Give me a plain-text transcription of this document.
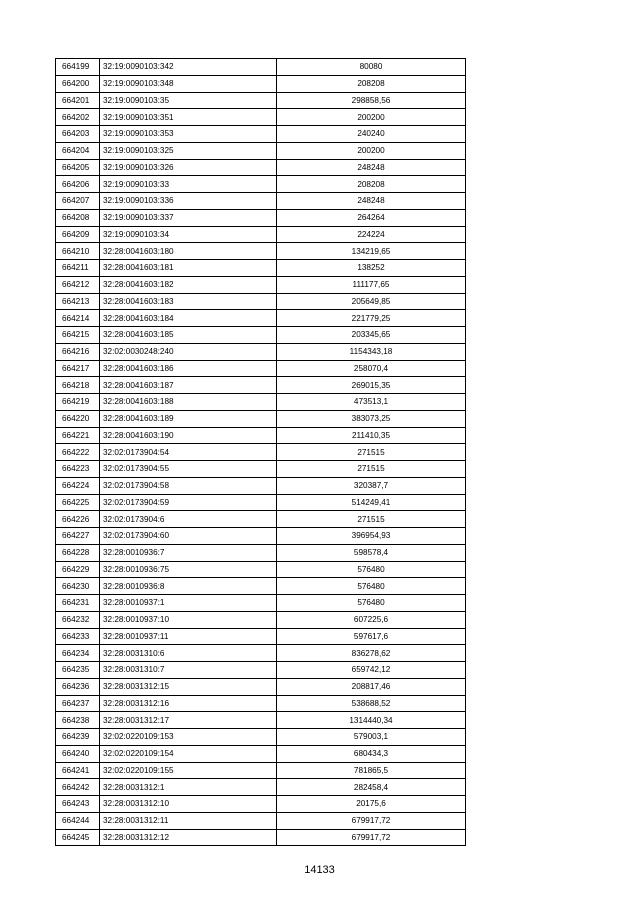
664199	32:19:0090103:342	80080
664200	32:19:0090103:348	208208
664201	32:19:0090103:35	298858,56
664202	32:19:0090103:351	200200
664203	32:19:0090103:353	240240
664204	32:19:0090103:325	200200
664205	32:19:0090103:326	248248
664206	32:19:0090103:33	208208
664207	32:19:0090103:336	248248
664208	32:19:0090103:337	264264
664209	32:19:0090103:34	224224
664210	32:28:0041603:180	134219,65
664211	32:28:0041603:181	138252
664212	32:28:0041603:182	111177,65
664213	32:28:0041603:183	205649,85
664214	32:28:0041603:184	221779,25
664215	32:28:0041603:185	203345,65
664216	32:02:0030248:240	1154343,18
664217	32:28:0041603:186	258070,4
664218	32:28:0041603:187	269015,35
664219	32:28:0041603:188	473513,1
664220	32:28:0041603:189	383073,25
664221	32:28:0041603:190	211410,35
664222	32:02:0173904:54	271515
664223	32:02:0173904:55	271515
664224	32:02:0173904:58	320387,7
664225	32:02:0173904:59	514249,41
664226	32:02:0173904:6	271515
664227	32:02:0173904:60	396954,93
664228	32:28:0010936:7	598578,4
664229	32:28:0010936:75	576480
664230	32:28:0010936:8	576480
664231	32:28:0010937:1	576480
664232	32:28:0010937:10	607225,6
664233	32:28:0010937:11	597617,6
664234	32:28:0031310:6	836278,62
664235	32:28:0031310:7	659742,12
664236	32:28:0031312:15	208817,46
664237	32:28:0031312:16	538688,52
664238	32:28:0031312:17	1314440,34
664239	32:02:0220109:153	579003,1
664240	32:02:0220109:154	680434,3
664241	32:02:0220109:155	781865,5
664242	32:28:0031312:1	282458,4
664243	32:28:0031312:10	20175,6
664244	32:28:0031312:11	679917,72
664245	32:28:0031312:12	679917,72
14133
